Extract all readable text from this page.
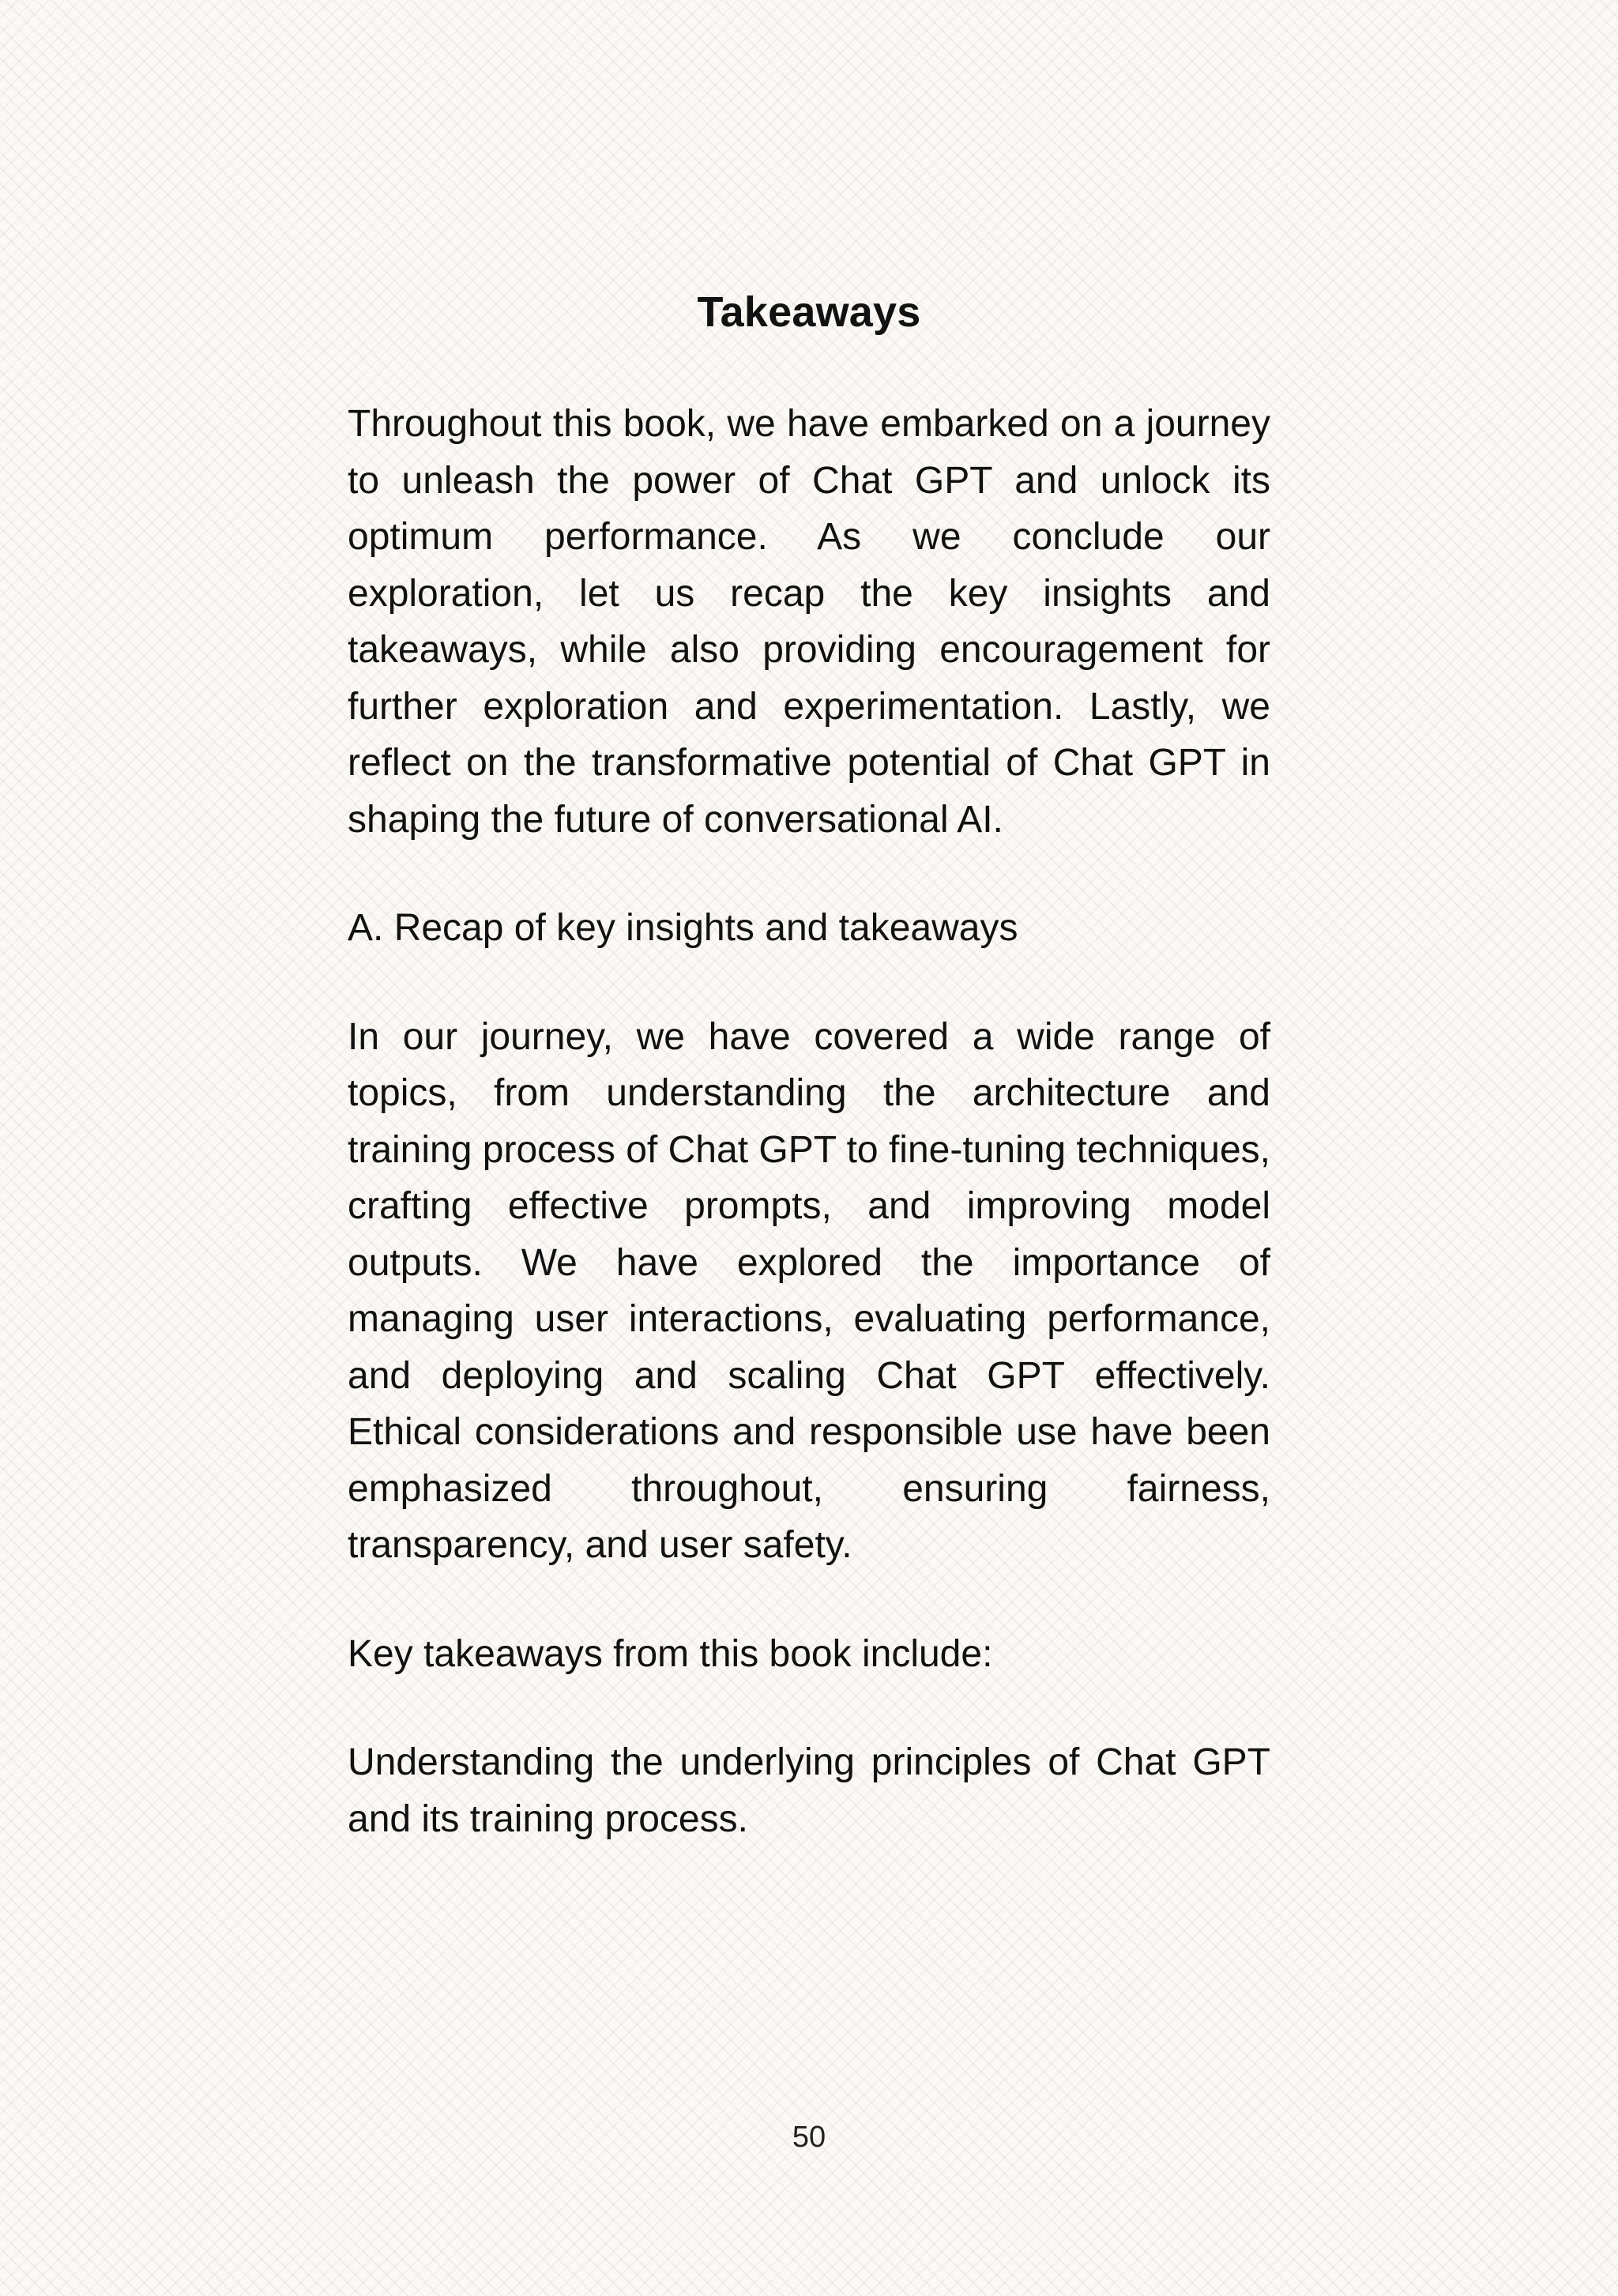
Takeaways

Throughout this book, we have embarked on a journey to unleash the power of Chat GPT and unlock its optimum performance. As we conclude our exploration, let us recap the key insights and takeaways, while also providing encouragement for further exploration and experimentation. Lastly, we reflect on the transformative potential of Chat GPT in shaping the future of conversational AI.

A. Recap of key insights and takeaways

In our journey, we have covered a wide range of topics, from understanding the architecture and training process of Chat GPT to fine-tuning techniques, crafting effective prompts, and improving model outputs. We have explored the importance of managing user interactions, evaluating performance, and deploying and scaling Chat GPT effectively. Ethical considerations and responsible use have been emphasized throughout, ensuring fairness, transparency, and user safety.

Key takeaways from this book include:

Understanding the underlying principles of Chat GPT and its training process.

50
